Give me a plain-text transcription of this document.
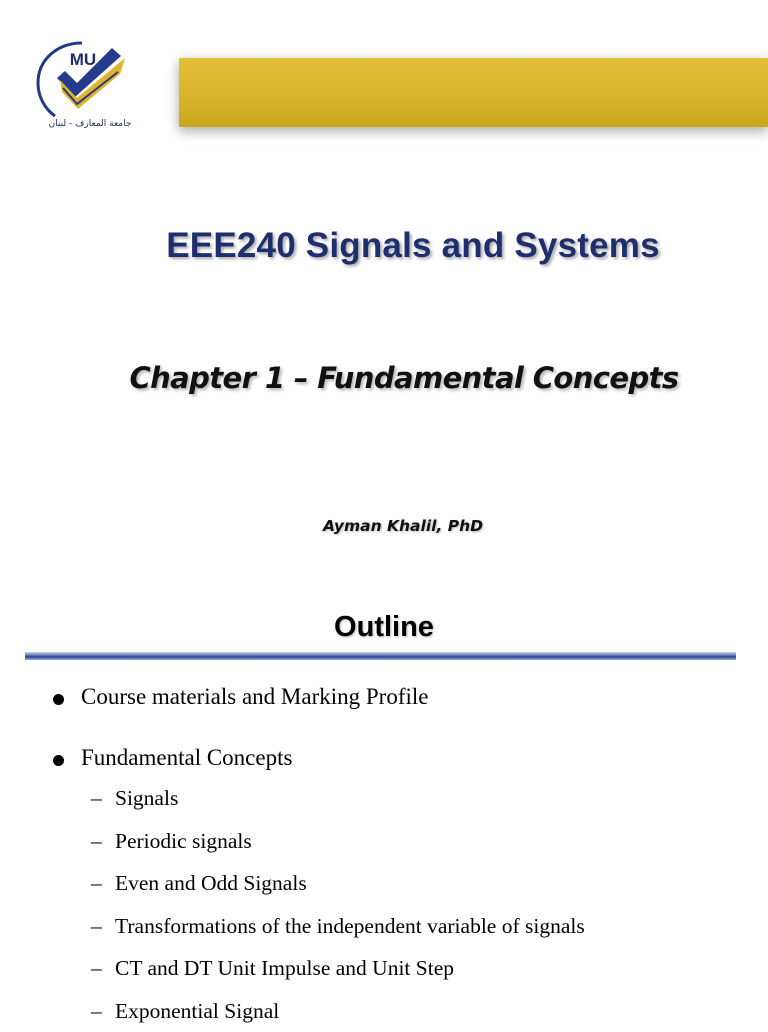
MU
جامعة المعارف - لبنان
EEE240 Signals and Systems
Chapter 1 – Fundamental Concepts
Ayman Khalil, PhD
Outline
Course materials and Marking Profile
Fundamental Concepts
– Signals
– Periodic signals
– Even and Odd Signals
– Transformations of the independent variable of signals
– CT and DT Unit Impulse and Unit Step
– Exponential Signal
